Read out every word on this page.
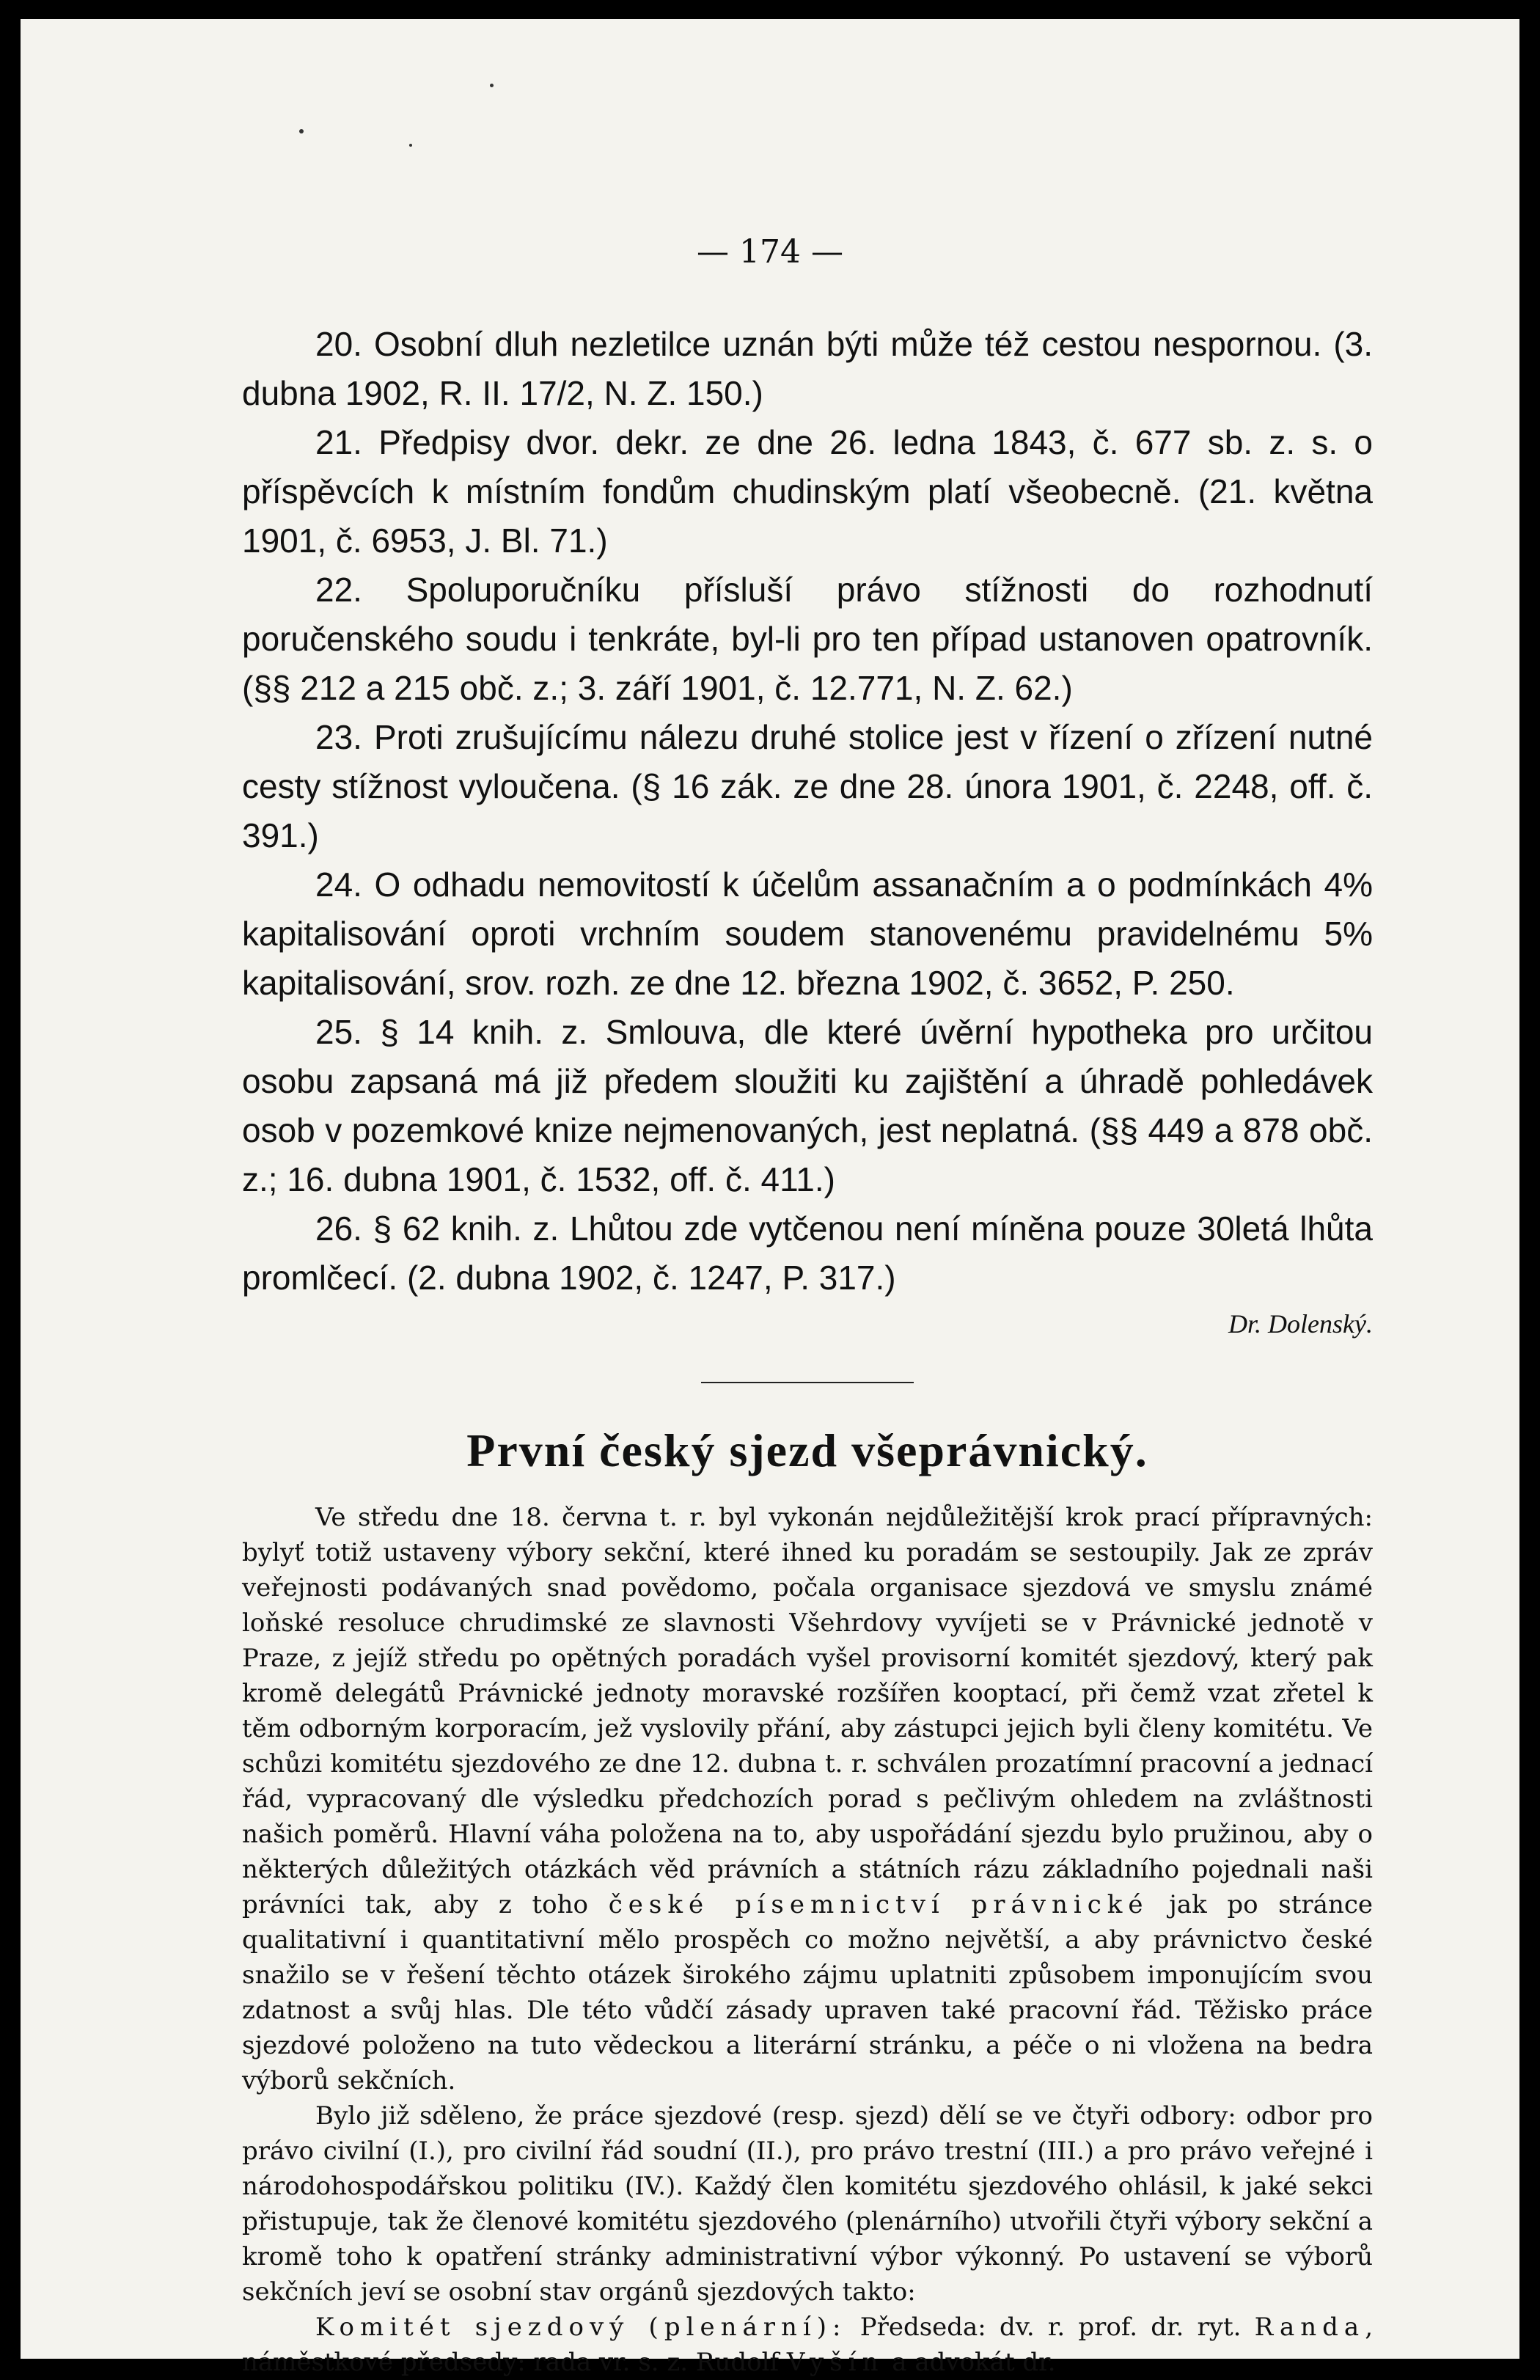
— 174 —

20. Osobní dluh nezletilce uznán býti může též cestou nespornou. (3. dubna 1902, R. II. 17/2, N. Z. 150.)

21. Předpisy dvor. dekr. ze dne 26. ledna 1843, č. 677 sb. z. s. o příspěvcích k místním fondům chudinským platí všeobecně. (21. května 1901, č. 6953, J. Bl. 71.)

22. Spoluporučníku přísluší právo stížnosti do rozhodnutí poručenského soudu i tenkráte, byl-li pro ten případ ustanoven opatrovník. (§§ 212 a 215 obč. z.; 3. září 1901, č. 12.771, N. Z. 62.)

23. Proti zrušujícímu nálezu druhé stolice jest v řízení o zřízení nutné cesty stížnost vyloučena. (§ 16 zák. ze dne 28. února 1901, č. 2248, off. č. 391.)

24. O odhadu nemovitostí k účelům assanačním a o podmínkách 4% kapitalisování oproti vrchním soudem stanovenému pravidelnému 5% kapitalisování, srov. rozh. ze dne 12. března 1902, č. 3652, P. 250.

25. § 14 knih. z. Smlouva, dle které úvěrní hypotheka pro určitou osobu zapsaná má již předem sloužiti ku zajištění a úhradě pohledávek osob v pozemkové knize nejmenovaných, jest neplatná. (§§ 449 a 878 obč. z.; 16. dubna 1901, č. 1532, off. č. 411.)

26. § 62 knih. z. Lhůtou zde vytčenou není míněna pouze 30letá lhůta promlčecí. (2. dubna 1902, č. 1247, P. 317.)

Dr. Dolenský.
První český sjezd všeprávnický.

Ve středu dne 18. června t. r. byl vykonán nejdůležitější krok prací přípravných: bylyť totiž ustaveny výbory sekční, které ihned ku poradám se sestoupily. Jak ze zpráv veřejnosti podávaných snad povědomo, počala organisace sjezdová ve smyslu známé loňské resoluce chrudimské ze slavnosti Všehrdovy vyvíjeti se v Právnické jednotě v Praze, z jejíž středu po opětných poradách vyšel provisorní komitét sjezdový, který pak kromě delegátů Právnické jednoty moravské rozšířen kooptací, při čemž vzat zřetel k těm odborným korporacím, jež vyslovily přání, aby zástupci jejich byli členy komitétu. Ve schůzi komitétu sjezdového ze dne 12. dubna t. r. schválen prozatímní pracovní a jednací řád, vypracovaný dle výsledku předchozích porad s pečlivým ohledem na zvláštnosti našich poměrů. Hlavní váha položena na to, aby uspořádání sjezdu bylo pružinou, aby o některých důležitých otázkách věd právních a státních rázu základního pojednali naši právníci tak, aby z toho české písemnictví právnické jak po stránce qualitativní i quantitativní mělo prospěch co možno největší, a aby právnictvo české snažilo se v řešení těchto otázek širokého zájmu uplatniti způsobem imponujícím svou zdatnost a svůj hlas. Dle této vůdčí zásady upraven také pracovní řád. Těžisko práce sjezdové položeno na tuto vědeckou a literární stránku, a péče o ni vložena na bedra výborů sekčních.

Bylo již sděleno, že práce sjezdové (resp. sjezd) dělí se ve čtyři odbory: odbor pro právo civilní (I.), pro civilní řád soudní (II.), pro právo trestní (III.) a pro právo veřejné i národohospodářskou politiku (IV.). Každý člen komitétu sjezdového ohlásil, k jaké sekci přistupuje, tak že členové komitétu sjezdového (plenárního) utvořili čtyři výbory sekční a kromě toho k opatření stránky administrativní výbor výkonný. Po ustavení se výborů sekčních jeví se osobní stav orgánů sjezdových takto:

Komitét sjezdový (plenární): Předseda: dv. r. prof. dr. ryt. Randa, náměstkové předsedy: rada vr. s. z. Rudolf Vyšín a advokát dr.
